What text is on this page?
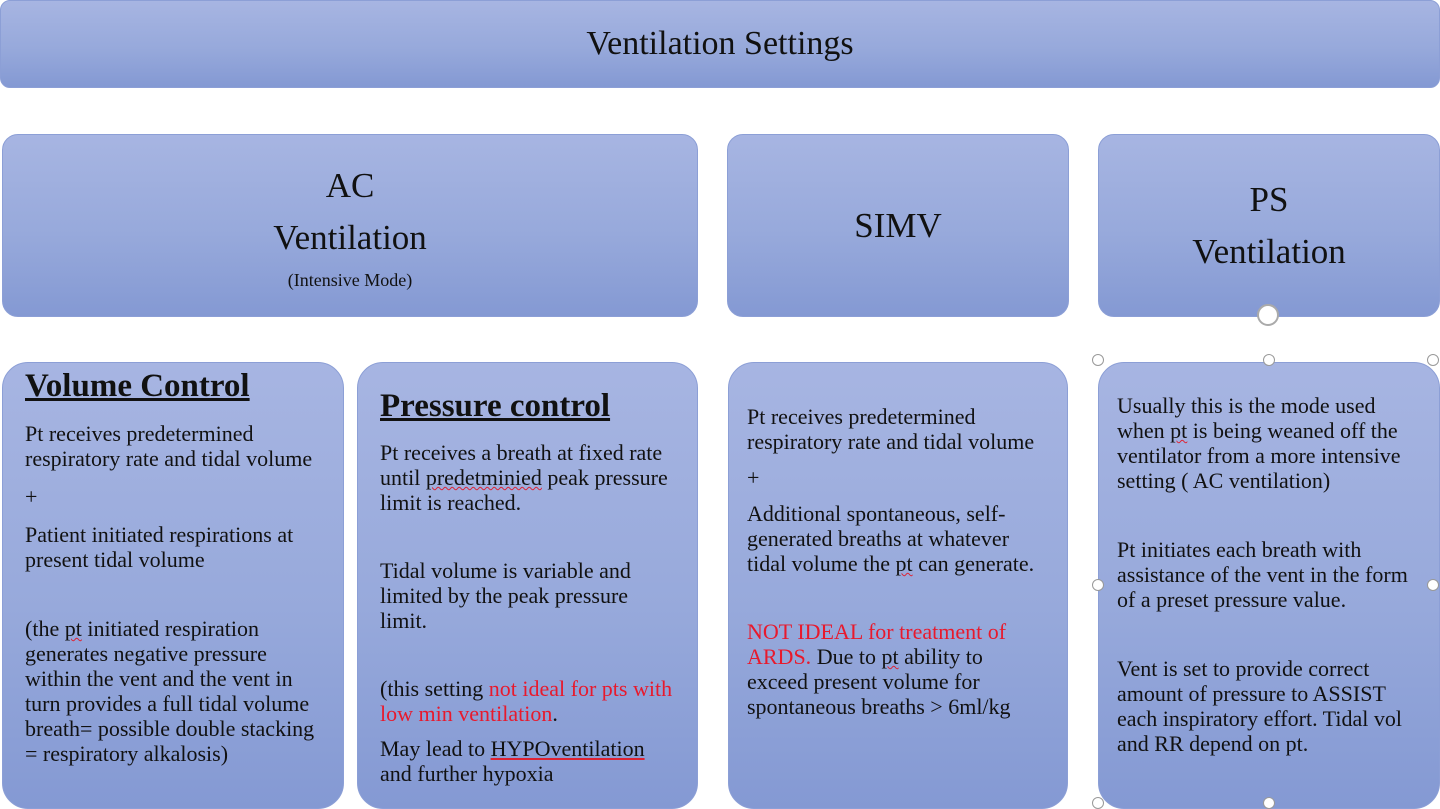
Ventilation Settings
AC
Ventilation
(Intensive Mode)
SIMV
PS
Ventilation
Volume Control

Pt receives predetermined respiratory rate and tidal volume

+

Patient initiated respirations at present tidal volume

(the pt initiated respiration generates negative pressure within the vent and the vent in turn provides a full tidal volume breath= possible double stacking = respiratory alkalosis)

Pressure control

Pt receives a breath at fixed rate until predetminied peak pressure limit is reached.

Tidal volume is variable and limited by the peak pressure limit.

(this setting not ideal for pts with low min ventilation.

May lead to HYPOventilation and further hypoxia

Pt receives predetermined respiratory rate and tidal volume

+

Additional spontaneous, self-generated breaths at whatever tidal volume the pt can generate.

NOT IDEAL for treatment of ARDS. Due to pt ability to exceed present volume for spontaneous breaths > 6ml/kg

Usually this is the mode used when pt is being weaned off the ventilator from a more intensive setting ( AC ventilation)

Pt initiates each breath with assistance of the vent in the form of a preset pressure value.

Vent is set to provide correct amount of pressure to ASSIST each inspiratory effort. Tidal vol and RR depend on pt.
